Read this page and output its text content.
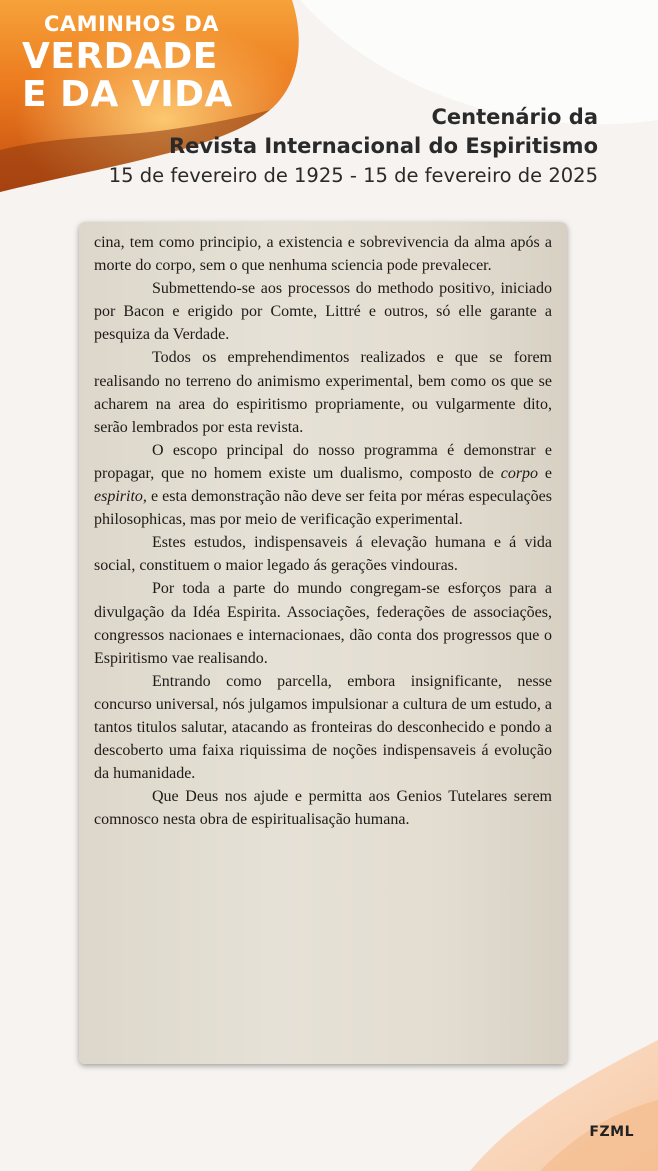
CAMINHOS DA
VERDADE
E DA VIDA
Centenário da
Revista Internacional do Espiritismo
15 de fevereiro de 1925 - 15 de fevereiro de 2025

cina, tem como principio, a existencia e sobrevivencia da alma após a morte do corpo, sem o que nenhuma sciencia pode prevalecer.

Submettendo-se aos processos do methodo positivo, iniciado por Bacon e erigido por Comte, Littré e outros, só elle garante a pesquiza da Verdade.

Todos os emprehendimentos realizados e que se forem realisando no terreno do animismo experimental, bem como os que se acharem na area do espiritismo propriamente, ou vulgarmente dito, serão lembrados por esta revista.

O escopo principal do nosso programma é demonstrar e propagar, que no homem existe um dualismo, composto de corpo e espirito, e esta demonstração não deve ser feita por méras especulações philosophicas, mas por meio de verificação experimental.

Estes estudos, indispensaveis á elevação humana e á vida social, constituem o maior legado ás gerações vindouras.

Por toda a parte do mundo congregam-se esforços para a divulgação da Idéa Espirita. Associações, federações de associações, congressos nacionaes e internacionaes, dão conta dos progressos que o Espiritismo vae realisando.

Entrando como parcella, embora insignificante, nesse concurso universal, nós julgamos impulsionar a cultura de um estudo, a tantos titulos salutar, atacando as fronteiras do desconhecido e pondo a descoberto uma faixa riquissima de noções indispensaveis á evolução da humanidade.

Que Deus nos ajude e permitta aos Genios Tutelares serem comnosco nesta obra de espiritualisação humana.

FZML
